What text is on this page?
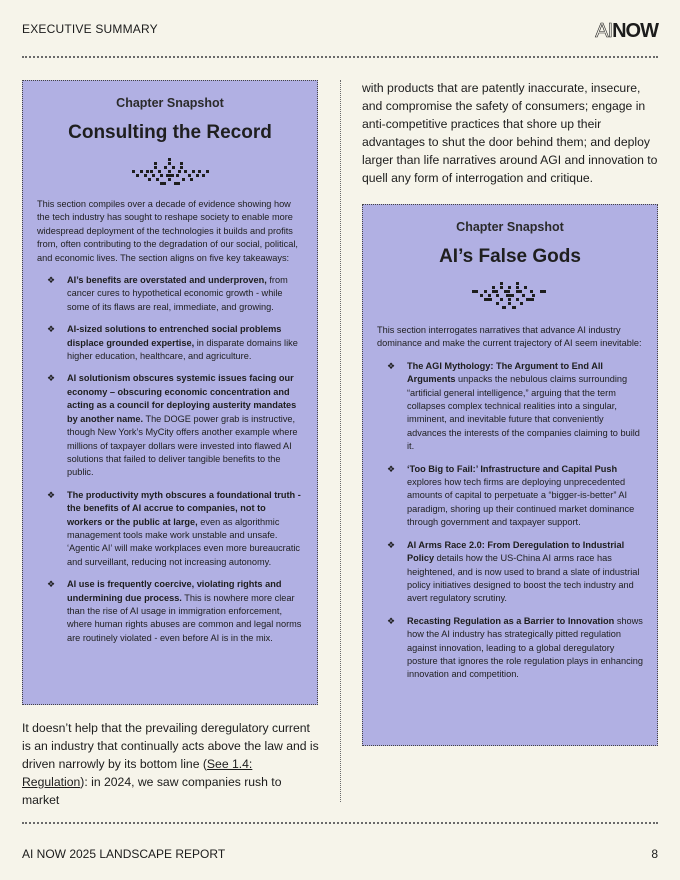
EXECUTIVE SUMMARY	AINOW
Chapter Snapshot
Consulting the Record
This section compiles over a decade of evidence showing how the tech industry has sought to reshape society to enable more widespread deployment of the technologies it builds and profits from, often contributing to the degradation of our social, political, and economic lives. The section aligns on five key takeaways:
❖ AI’s benefits are overstated and underproven, from cancer cures to hypothetical economic growth - while some of its flaws are real, immediate, and growing.
❖ AI-sized solutions to entrenched social problems displace grounded expertise, in disparate domains like higher education, healthcare, and agriculture.
❖ AI solutionism obscures systemic issues facing our economy – obscuring economic concentration and acting as a council for deploying austerity mandates by another name. The DOGE power grab is instructive, though New York’s MyCity offers another example where millions of taxpayer dollars were invested into flawed AI solutions that failed to deliver tangible benefits to the public.
❖ The productivity myth obscures a foundational truth - the benefits of AI accrue to companies, not to workers or the public at large, even as algorithmic management tools make work unstable and unsafe. ‘Agentic AI’ will make workplaces even more bureaucratic and surveillant, reducing not increasing autonomy.
❖ AI use is frequently coercive, violating rights and undermining due process. This is nowhere more clear than the rise of AI usage in immigration enforcement, where human rights abuses are common and legal norms are routinely violated - even before AI is in the mix.
It doesn’t help that the prevailing deregulatory current is an industry that continually acts above the law and is driven narrowly by its bottom line (See 1.4: Regulation): in 2024, we saw companies rush to market
with products that are patently inaccurate, insecure, and compromise the safety of consumers; engage in anti-competitive practices that shore up their advantages to shut the door behind them; and deploy larger than life narratives around AGI and innovation to quell any form of interrogation and critique.
Chapter Snapshot
AI’s False Gods
This section interrogates narratives that advance AI industry dominance and make the current trajectory of AI seem inevitable:
❖ The AGI Mythology: The Argument to End All Arguments unpacks the nebulous claims surrounding “artificial general intelligence,” arguing that the term collapses complex technical realities into a singular, imminent, and inevitable future that conveniently advances the interests of the companies claiming to build it.
❖ ‘Too Big to Fail:’ Infrastructure and Capital Push explores how tech firms are deploying unprecedented amounts of capital to perpetuate a “bigger-is-better” AI paradigm, shoring up their continued market dominance through government and taxpayer support.
❖ AI Arms Race 2.0: From Deregulation to Industrial Policy details how the US-China AI arms race has heightened, and is now used to brand a slate of industrial policy initiatives designed to boost the tech industry and avert regulatory scrutiny.
❖ Recasting Regulation as a Barrier to Innovation shows how the AI industry has strategically pitted regulation against innovation, leading to a global deregulatory posture that ignores the role regulation plays in enhancing innovation and competition.
AI NOW 2025 LANDSCAPE REPORT	8
